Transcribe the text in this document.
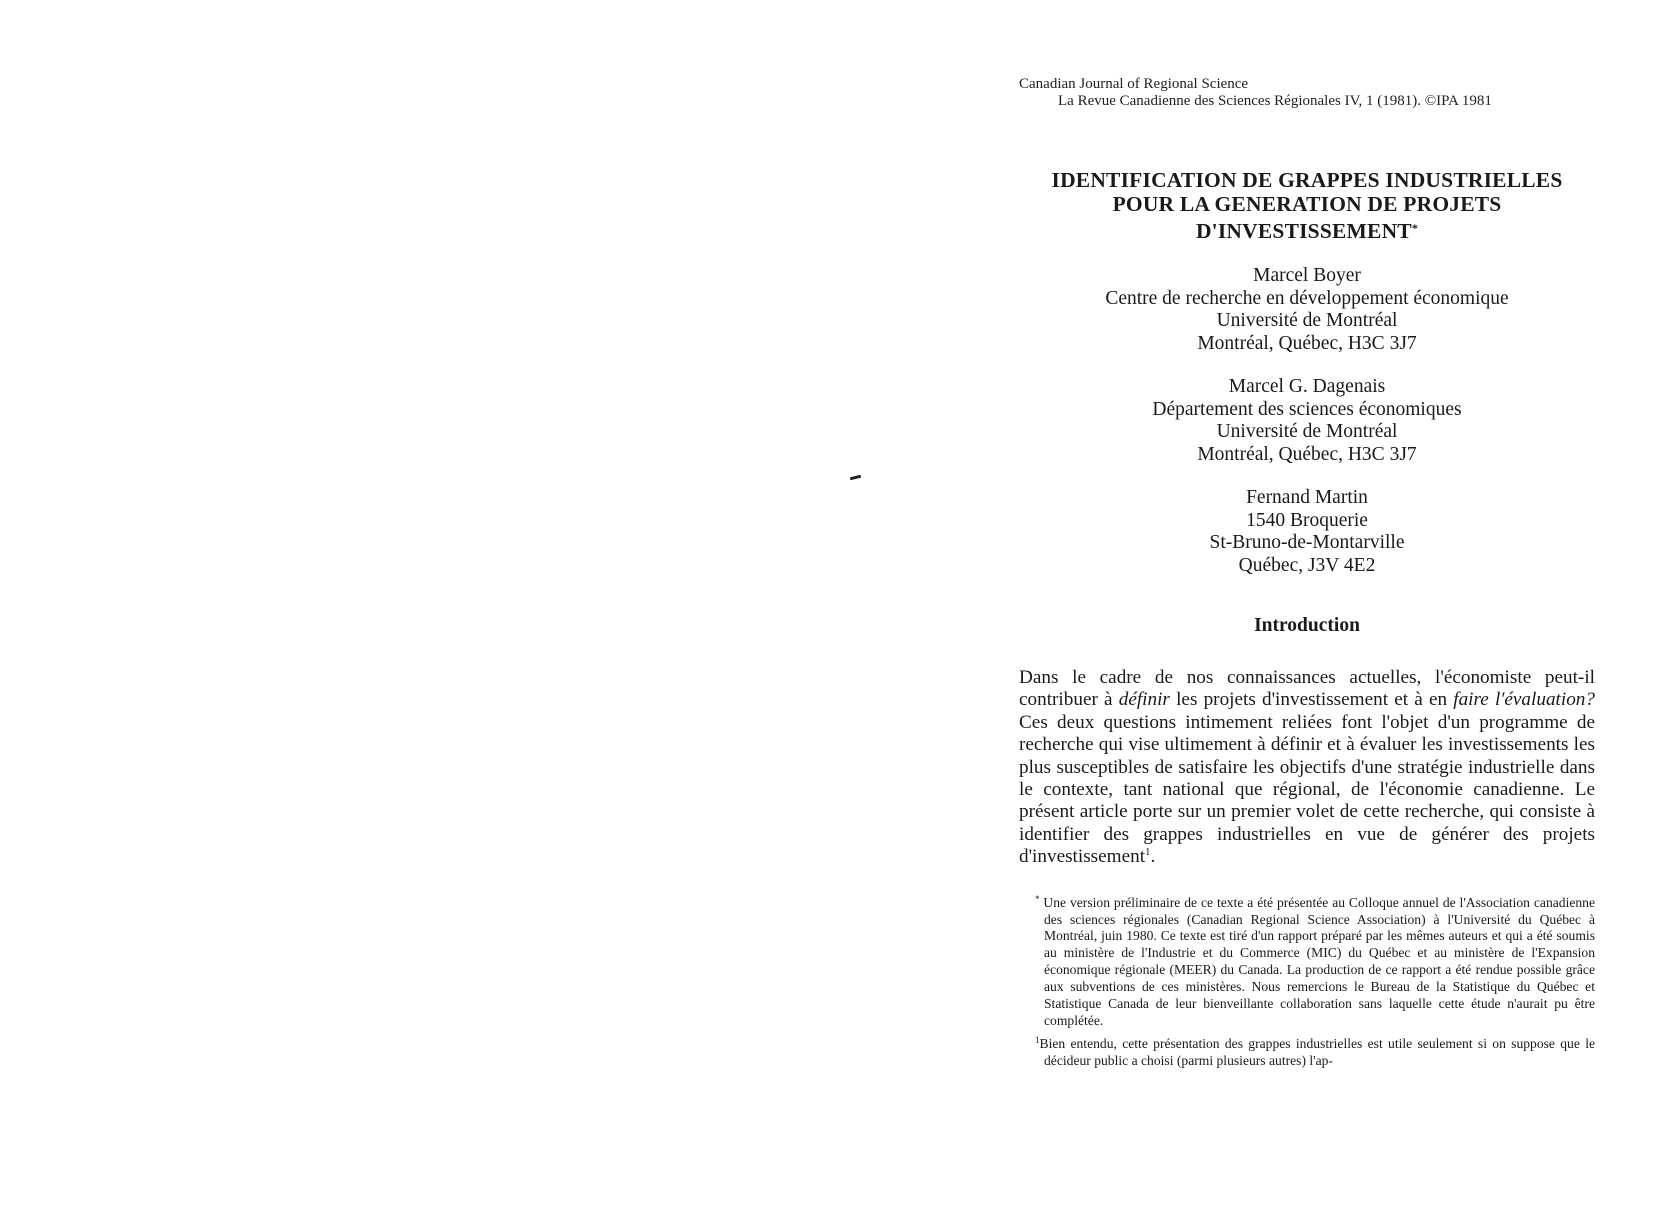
Canadian Journal of Regional Science
La Revue Canadienne des Sciences Régionales IV, 1 (1981). ©IPA 1981
IDENTIFICATION DE GRAPPES INDUSTRIELLES
POUR LA GENERATION DE PROJETS
D'INVESTISSEMENT*
Marcel Boyer
Centre de recherche en développement économique
Université de Montréal
Montréal, Québec, H3C 3J7
Marcel G. Dagenais
Département des sciences économiques
Université de Montréal
Montréal, Québec, H3C 3J7
Fernand Martin
1540 Broquerie
St-Bruno-de-Montarville
Québec, J3V 4E2
Introduction

Dans le cadre de nos connaissances actuelles, l'économiste peut-il contribuer à définir les projets d'investissement et à en faire l'évaluation? Ces deux questions intimement reliées font l'objet d'un programme de recherche qui vise ultimement à définir et à évaluer les investissements les plus susceptibles de satisfaire les objectifs d'une stratégie industrielle dans le contexte, tant national que régional, de l'économie canadienne. Le présent article porte sur un premier volet de cette recherche, qui consiste à identifier des grappes industrielles en vue de générer des projets d'investissement$^1$.

* Une version préliminaire de ce texte a été présentée au Colloque annuel de l'Association canadienne des sciences régionales (Canadian Regional Science Association) à l'Université du Québec à Montréal, juin 1980. Ce texte est tiré d'un rapport préparé par les mêmes auteurs et qui a été soumis au ministère de l'Industrie et du Commerce (MIC) du Québec et au ministère de l'Expansion économique régionale (MEER) du Canada. La production de ce rapport a été rendue possible grâce aux subventions de ces ministères. Nous remercions le Bureau de la Statistique du Québec et Statistique Canada de leur bienveillante collaboration sans laquelle cette étude n'aurait pu être complétée.
$^1$Bien entendu, cette présentation des grappes industrielles est utile seulement si on suppose que le décideur public a choisi (parmi plusieurs autres) l'ap-
